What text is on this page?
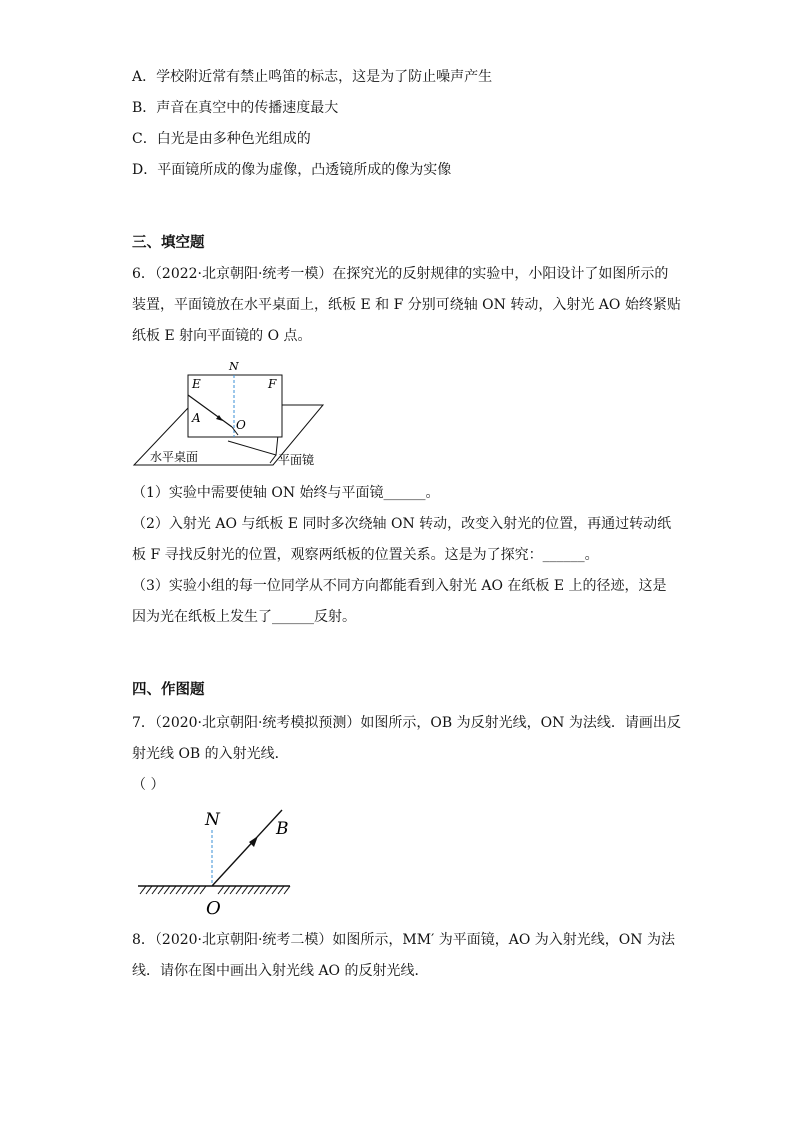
A．学校附近常有禁止鸣笛的标志，这是为了防止噪声产生
B．声音在真空中的传播速度最大
C．白光是由多种色光组成的
D．平面镜所成的像为虚像，凸透镜所成的像为实像
三、填空题
6．（2022·北京朝阳·统考一模）在探究光的反射规律的实验中，小阳设计了如图所示的
装置，平面镜放在水平桌面上，纸板 E 和 F 分别可绕轴 ON 转动，入射光 AO 始终紧贴
纸板 E 射向平面镜的 O 点。
N
E	F
A	O
水平桌面	平面镜
（1）实验中需要使轴 ON 始终与平面镜______。
（2）入射光 AO 与纸板 E 同时多次绕轴 ON 转动，改变入射光的位置，再通过转动纸
板 F 寻找反射光的位置，观察两纸板的位置关系。这是为了探究：______。
（3）实验小组的每一位同学从不同方向都能看到入射光 AO 在纸板 E 上的径迹，这是
因为光在纸板上发生了______反射。
四、作图题
7．（2020·北京朝阳·统考模拟预测）如图所示，OB 为反射光线，ON 为法线．请画出反
射光线 OB 的入射光线．
（ ）
N	B
O
8．（2020·北京朝阳·统考二模）如图所示，MM′ 为平面镜，AO 为入射光线，ON 为法
线．请你在图中画出入射光线 AO 的反射光线．
